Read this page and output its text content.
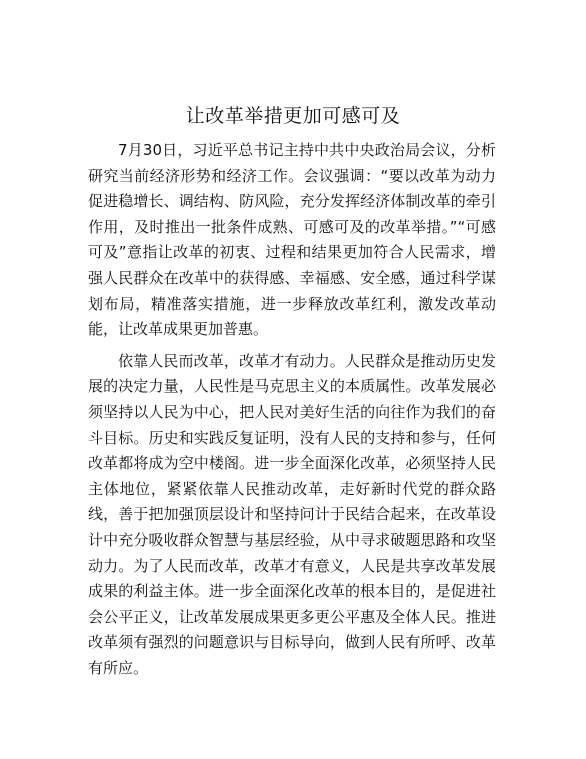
让改革举措更加可感可及

7月30日，习近平总书记主持中共中央政治局会议，分析研究当前经济形势和经济工作。会议强调：“要以改革为动力促进稳增长、调结构、防风险，充分发挥经济体制改革的牵引作用，及时推出一批条件成熟、可感可及的改革举措。”“可感可及”意指让改革的初衷、过程和结果更加符合人民需求，增强人民群众在改革中的获得感、幸福感、安全感，通过科学谋划布局，精准落实措施，进一步释放改革红利，激发改革动能，让改革成果更加普惠。

依靠人民而改革，改革才有动力。人民群众是推动历史发展的决定力量，人民性是马克思主义的本质属性。改革发展必须坚持以人民为中心，把人民对美好生活的向往作为我们的奋斗目标。历史和实践反复证明，没有人民的支持和参与，任何改革都将成为空中楼阁。进一步全面深化改革，必须坚持人民主体地位，紧紧依靠人民推动改革，走好新时代党的群众路线，善于把加强顶层设计和坚持问计于民结合起来，在改革设计中充分吸收群众智慧与基层经验，从中寻求破题思路和攻坚动力。为了人民而改革，改革才有意义，人民是共享改革发展成果的利益主体。进一步全面深化改革的根本目的，是促进社会公平正义，让改革发展成果更多更公平惠及全体人民。推进改革须有强烈的问题意识与目标导向，做到人民有所呼、改革有所应。
